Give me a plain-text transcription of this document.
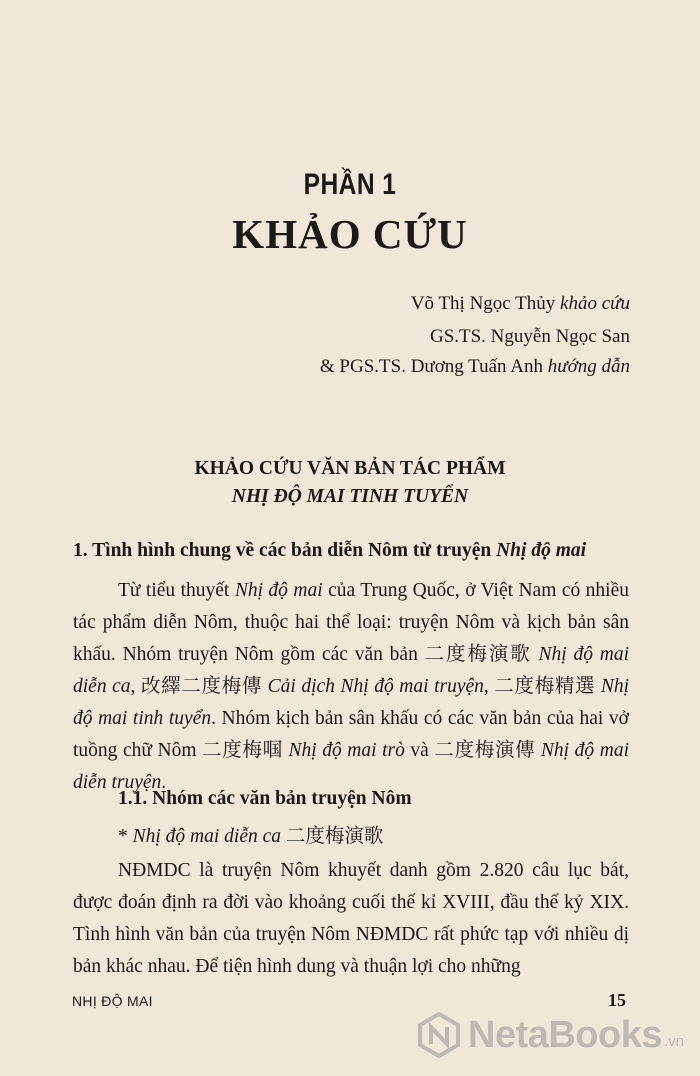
PHẦN 1
KHẢO CỨU
Võ Thị Ngọc Thủy khảo cứu
GS.TS. Nguyễn Ngọc San
& PGS.TS. Dương Tuấn Anh hướng dẫn
KHẢO CỨU VĂN BẢN TÁC PHẨM
NHỊ ĐỘ MAI TINH TUYỂN
1. Tình hình chung về các bản diễn Nôm từ truyện Nhị độ mai
Từ tiểu thuyết Nhị độ mai của Trung Quốc, ở Việt Nam có nhiều tác phẩm diễn Nôm, thuộc hai thể loại: truyện Nôm và kịch bản sân khấu. Nhóm truyện Nôm gồm các văn bản 二度梅演歌 Nhị độ mai diễn ca, 改繹二度梅傳 Cải dịch Nhị độ mai truyện, 二度梅精選 Nhị độ mai tinh tuyển. Nhóm kịch bản sân khấu có các văn bản của hai vở tuồng chữ Nôm 二度梅啯 Nhị độ mai trò và 二度梅演傳 Nhị độ mai diễn truyện.
1.1. Nhóm các văn bản truyện Nôm
* Nhị độ mai diễn ca 二度梅演歌
NĐMDC là truyện Nôm khuyết danh gồm 2.820 câu lục bát, được đoán định ra đời vào khoảng cuối thế kỉ XVIII, đầu thế kỷ XIX. Tình hình văn bản của truyện Nôm NĐMDC rất phức tạp với nhiều dị bản khác nhau. Để tiện hình dung và thuận lợi cho những
NHỊ ĐỘ MAI	15
NetaBooks .vn
